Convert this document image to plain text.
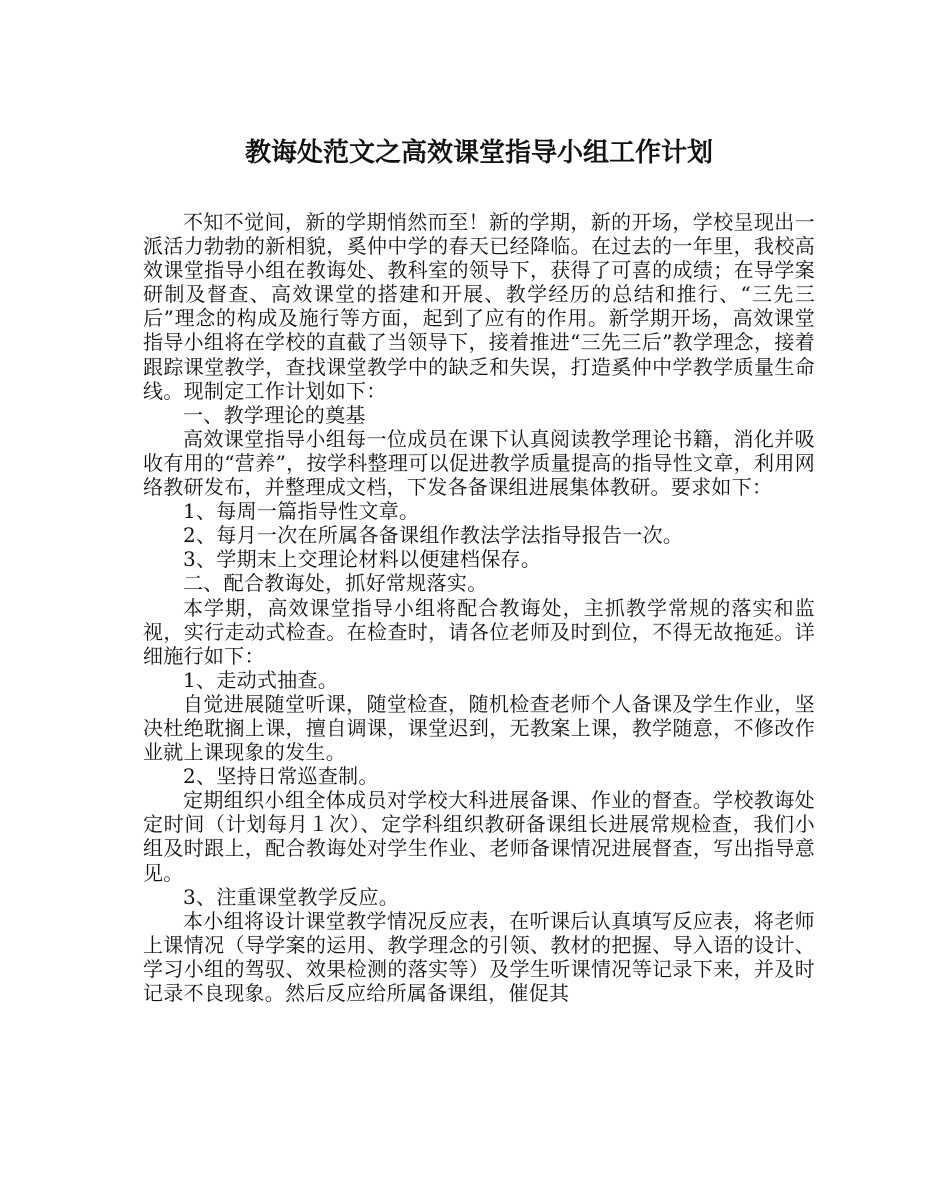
教诲处范文之高效课堂指导小组工作计划

不知不觉间，新的学期悄然而至！新的学期，新的开场，学校呈现出一派活力勃勃的新相貌，奚仲中学的春天已经降临。在过去的一年里，我校高效课堂指导小组在教诲处、教科室的领导下，获得了可喜的成绩；在导学案研制及督查、高效课堂的搭建和开展、教学经历的总结和推行、“三先三后”理念的构成及施行等方面，起到了应有的作用。新学期开场，高效课堂指导小组将在学校的直截了当领导下，接着推进“三先三后”教学理念，接着跟踪课堂教学，查找课堂教学中的缺乏和失误，打造奚仲中学教学质量生命线。现制定工作计划如下：

一、教学理论的奠基

高效课堂指导小组每一位成员在课下认真阅读教学理论书籍，消化并吸收有用的“营养”，按学科整理可以促进教学质量提高的指导性文章，利用网络教研发布，并整理成文档，下发各备课组进展集体教研。要求如下：

1、每周一篇指导性文章。

2、每月一次在所属各备课组作教法学法指导报告一次。

3、学期末上交理论材料以便建档保存。

二、配合教诲处，抓好常规落实。

本学期，高效课堂指导小组将配合教诲处，主抓教学常规的落实和监视，实行走动式检查。在检查时，请各位老师及时到位，不得无故拖延。详细施行如下：

1、走动式抽查。

自觉进展随堂听课，随堂检查，随机检查老师个人备课及学生作业，坚决杜绝耽搁上课，擅自调课，课堂迟到，无教案上课，教学随意，不修改作业就上课现象的发生。

2、坚持日常巡查制。

定期组织小组全体成员对学校大科进展备课、作业的督查。学校教诲处定时间（计划每月１次）、定学科组织教研备课组长进展常规检查，我们小组及时跟上，配合教诲处对学生作业、老师备课情况进展督查，写出指导意见。

3、注重课堂教学反应。

本小组将设计课堂教学情况反应表，在听课后认真填写反应表，将老师上课情况（导学案的运用、教学理念的引领、教材的把握、导入语的设计、学习小组的驾驭、效果检测的落实等）及学生听课情况等记录下来，并及时记录不良现象。然后反应给所属备课组，催促其
